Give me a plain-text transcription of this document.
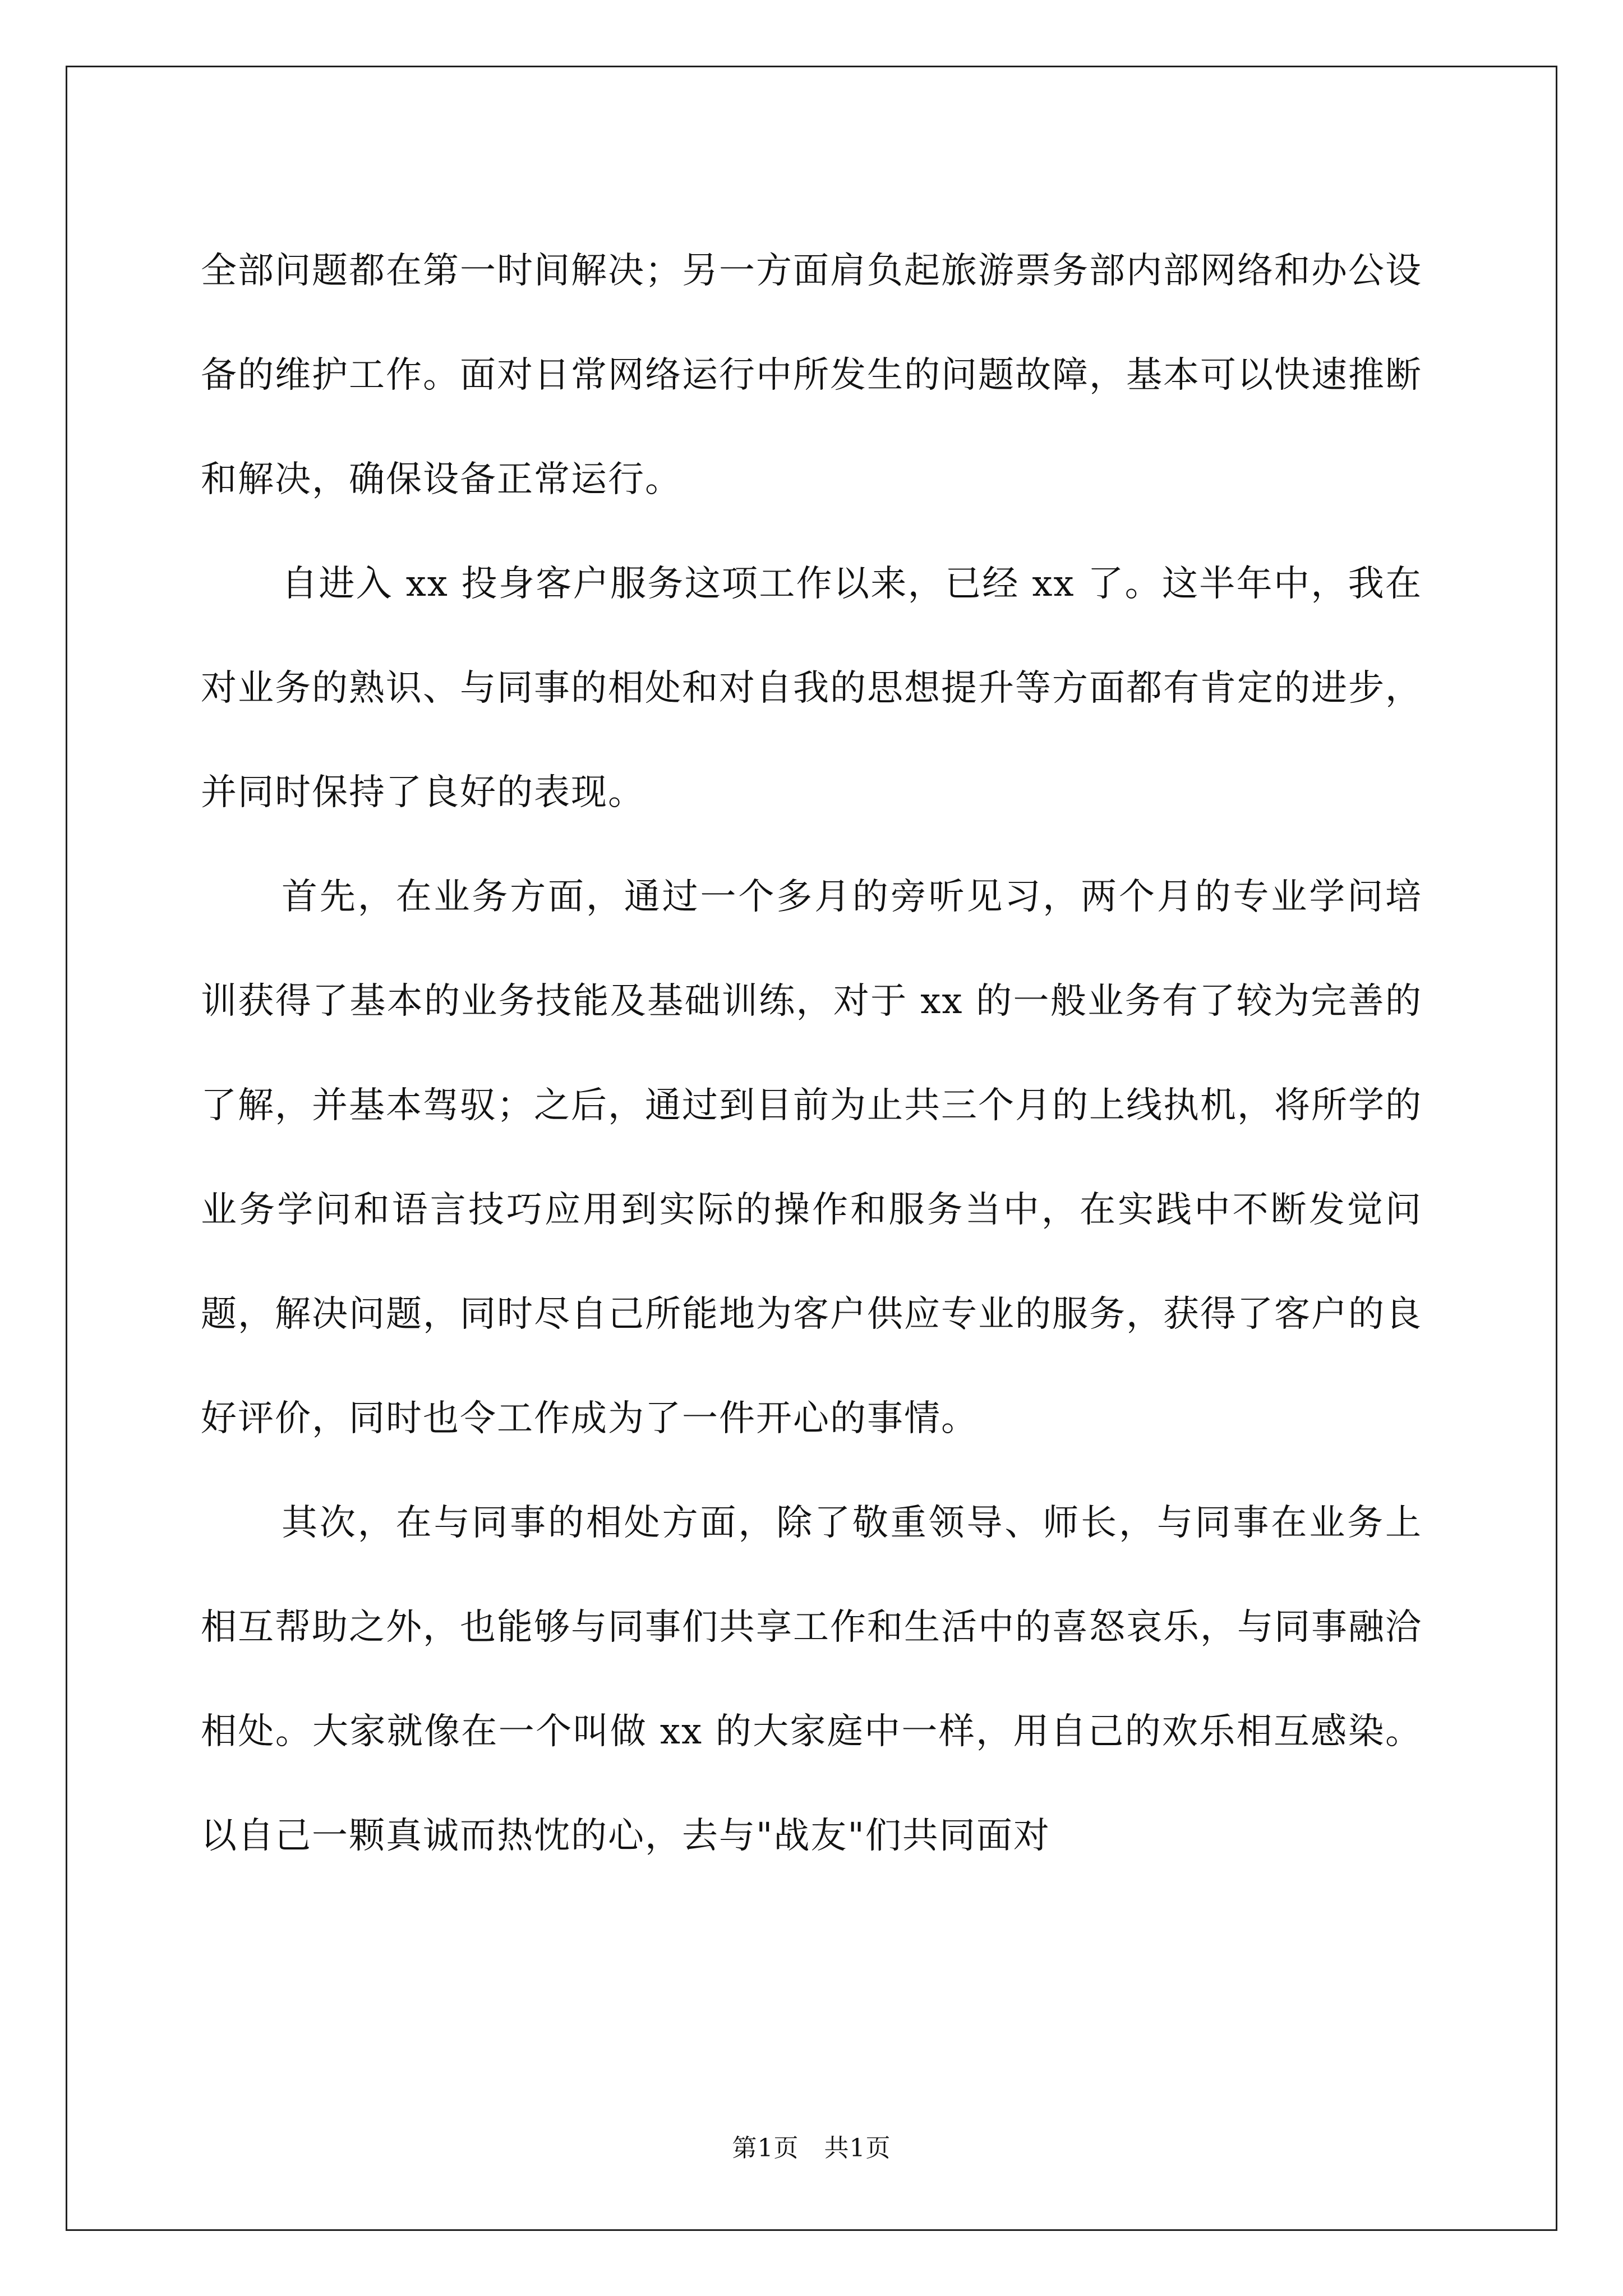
全部问题都在第一时间解决；另一方面肩负起旅游票务部内部网络和办公设备的维护工作。面对日常网络运行中所发生的问题故障，基本可以快速推断和解决，确保设备正常运行。

自进入 xx 投身客户服务这项工作以来，已经 xx 了。这半年中，我在对业务的熟识、与同事的相处和对自我的思想提升等方面都有肯定的进步，并同时保持了良好的表现。

首先，在业务方面，通过一个多月的旁听见习，两个月的专业学问培训获得了基本的业务技能及基础训练，对于 xx 的一般业务有了较为完善的了解，并基本驾驭；之后，通过到目前为止共三个月的上线执机，将所学的业务学问和语言技巧应用到实际的操作和服务当中，在实践中不断发觉问题，解决问题，同时尽自己所能地为客户供应专业的服务，获得了客户的良好评价，同时也令工作成为了一件开心的事情。

其次，在与同事的相处方面，除了敬重领导、师长，与同事在业务上相互帮助之外，也能够与同事们共享工作和生活中的喜怒哀乐，与同事融洽相处。大家就像在一个叫做 xx 的大家庭中一样，用自己的欢乐相互感染。以自己一颗真诚而热忱的心，去与"战友"们共同面对

第1页   共1页
